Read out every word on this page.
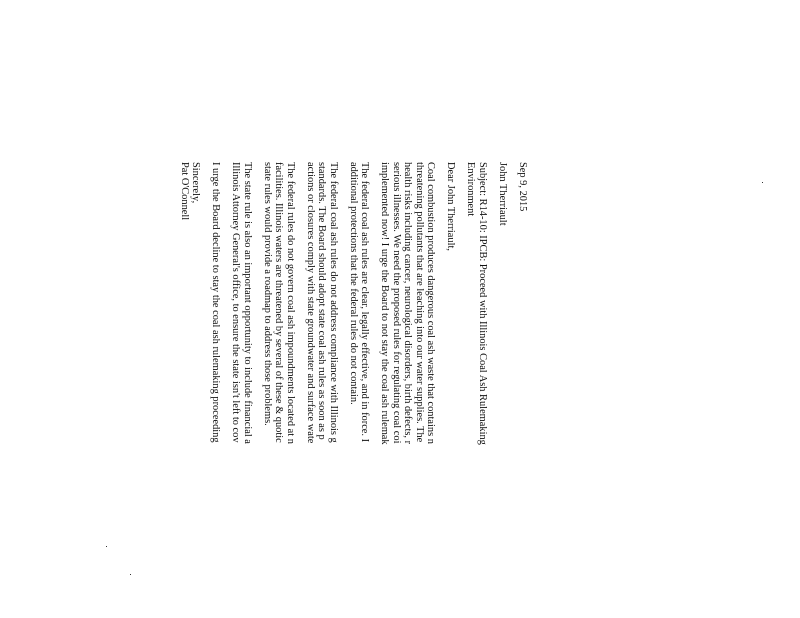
Sep 9, 2015
John Therriault
Subject: R14-10: IPCB: Proceed with Illinois Coal Ash Rulemaking
Environment
Dear John Therriault,
Coal combustion produces dangerous coal ash waste that contains n
threatening pollutants that are leaching into our water supplies. The
health risks including cancer, neurological disorders, birth defects, r
serious illnesses. We need the proposed rules for regulating coal coi
implemented now! I urge the Board to not stay the coal ash rulemak
The federal coal ash rules are clear, legally effective, and in force. I
additional protections that the federal rules do not contain.
The federal coal ash rules do not address compliance with Illinois g
standards. The Board should adopt state coal ash rules as soon as p
actions or closures comply with state groundwater and surface wate
The federal rules do not govern coal ash impoundments located at n
facilities. Illinois waters are threatened by several of these & quotic
state rules would provide a roadmap to address those problems.
The state rule is also an important opportunity to include financial a
Illinois Attorney General's office, to ensure the state isn't left to cov
I urge the Board decline to stay the coal ash rulemaking proceeding
Sincerely,
Pat O'Connell
